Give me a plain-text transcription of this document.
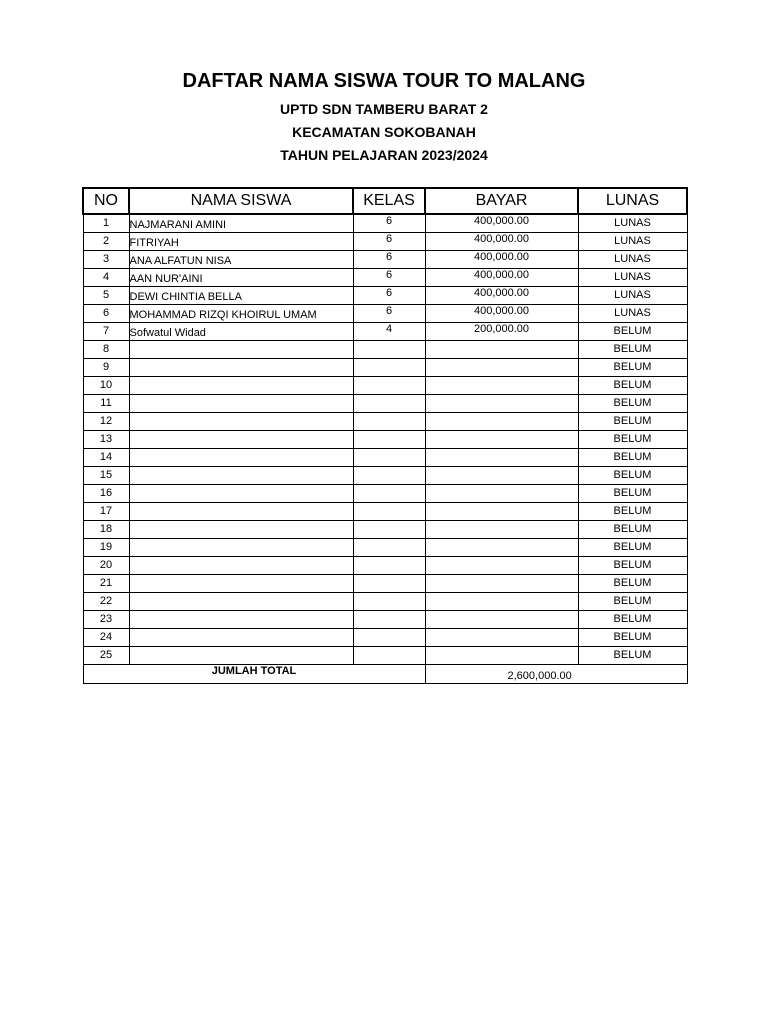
DAFTAR NAMA SISWA TOUR TO MALANG
UPTD SDN TAMBERU BARAT 2
KECAMATAN SOKOBANAH
TAHUN PELAJARAN 2023/2024
NO	NAMA SISWA	KELAS	BAYAR	LUNAS
1	NAJMARANI AMINI	6	400,000.00	LUNAS
2	FITRIYAH	6	400,000.00	LUNAS
3	ANA ALFATUN NISA	6	400,000.00	LUNAS
4	AAN NUR'AINI	6	400,000.00	LUNAS
5	DEWI CHINTIA BELLA	6	400,000.00	LUNAS
6	MOHAMMAD RIZQI KHOIRUL UMAM	6	400,000.00	LUNAS
7	Sofwatul Widad	4	200,000.00	BELUM
8				BELUM
9				BELUM
10				BELUM
11				BELUM
12				BELUM
13				BELUM
14				BELUM
15				BELUM
16				BELUM
17				BELUM
18				BELUM
19				BELUM
20				BELUM
21				BELUM
22				BELUM
23				BELUM
24				BELUM
25				BELUM
JUMLAH TOTAL			2,600,000.00	
